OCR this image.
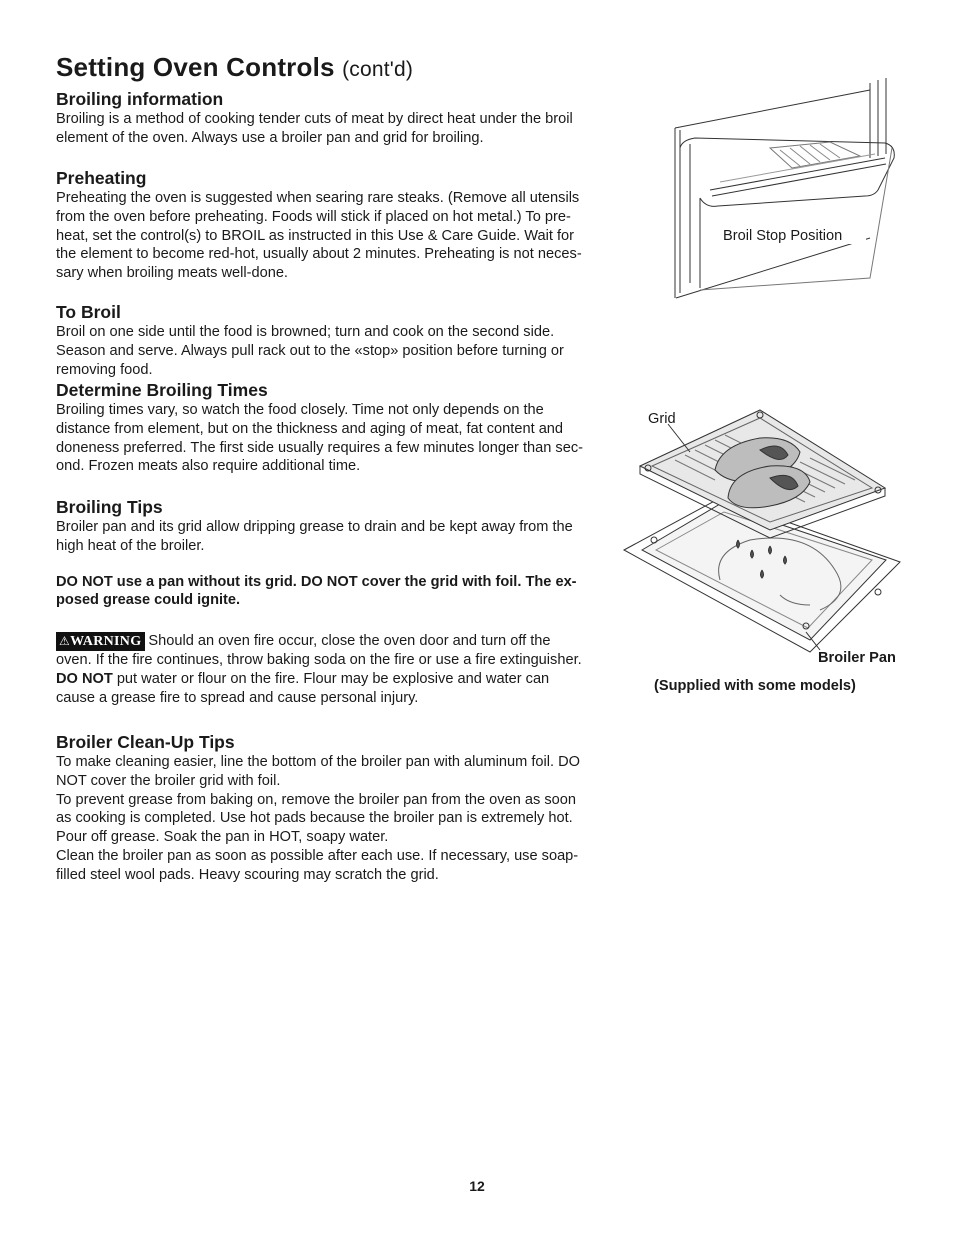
Setting Oven Controls (cont'd)
Broiling information

Broiling is a method of cooking tender cuts of meat by direct heat under the broil

element of the oven. Always use a broiler pan and grid for broiling.

Preheating

Preheating the oven is suggested when searing rare steaks. (Remove all utensils

from the oven before preheating. Foods will stick if placed on hot metal.) To pre-

heat, set the control(s) to BROIL as instructed in this Use & Care Guide. Wait for

the element to become red-hot, usually about 2 minutes. Preheating is not neces-

sary when broiling meats well-done.

To Broil

Broil on one side until the food is browned; turn and cook on the second side.

Season and serve. Always pull rack out to the «stop» position before turning or

removing food.

Determine Broiling Times

Broiling times vary, so watch the food closely. Time not only depends on the

distance from element, but on the thickness and aging of meat, fat content and

doneness preferred. The first side usually requires a few minutes longer than sec-

ond. Frozen meats also require additional time.

Broiling Tips

Broiler pan and its grid allow dripping grease to drain and be kept away from the

high heat of the broiler.

DO NOT use a pan without its grid. DO NOT cover the grid with foil. The ex-

posed grease could ignite.

⚠WARNING Should an oven fire occur, close the oven door and turn off the

oven. If the fire continues, throw baking soda on the fire or use a fire extinguisher.

DO NOT put water or flour on the fire. Flour may be explosive and water can

cause a grease fire to spread and cause personal injury.

Broiler Clean-Up Tips

To make cleaning easier, line the bottom of the broiler pan with aluminum foil. DO

NOT cover the broiler grid with foil.

To prevent grease from baking on, remove the broiler pan from the oven as soon

as cooking is completed. Use hot pads because the broiler pan is extremely hot.

Pour off grease. Soak the pan in HOT, soapy water.

Clean the broiler pan as soon as possible after each use. If necessary, use soap-

filled steel wool pads. Heavy scouring may scratch the grid.

Broil Stop Position

Grid

Broiler Pan

(Supplied with some models)

12
